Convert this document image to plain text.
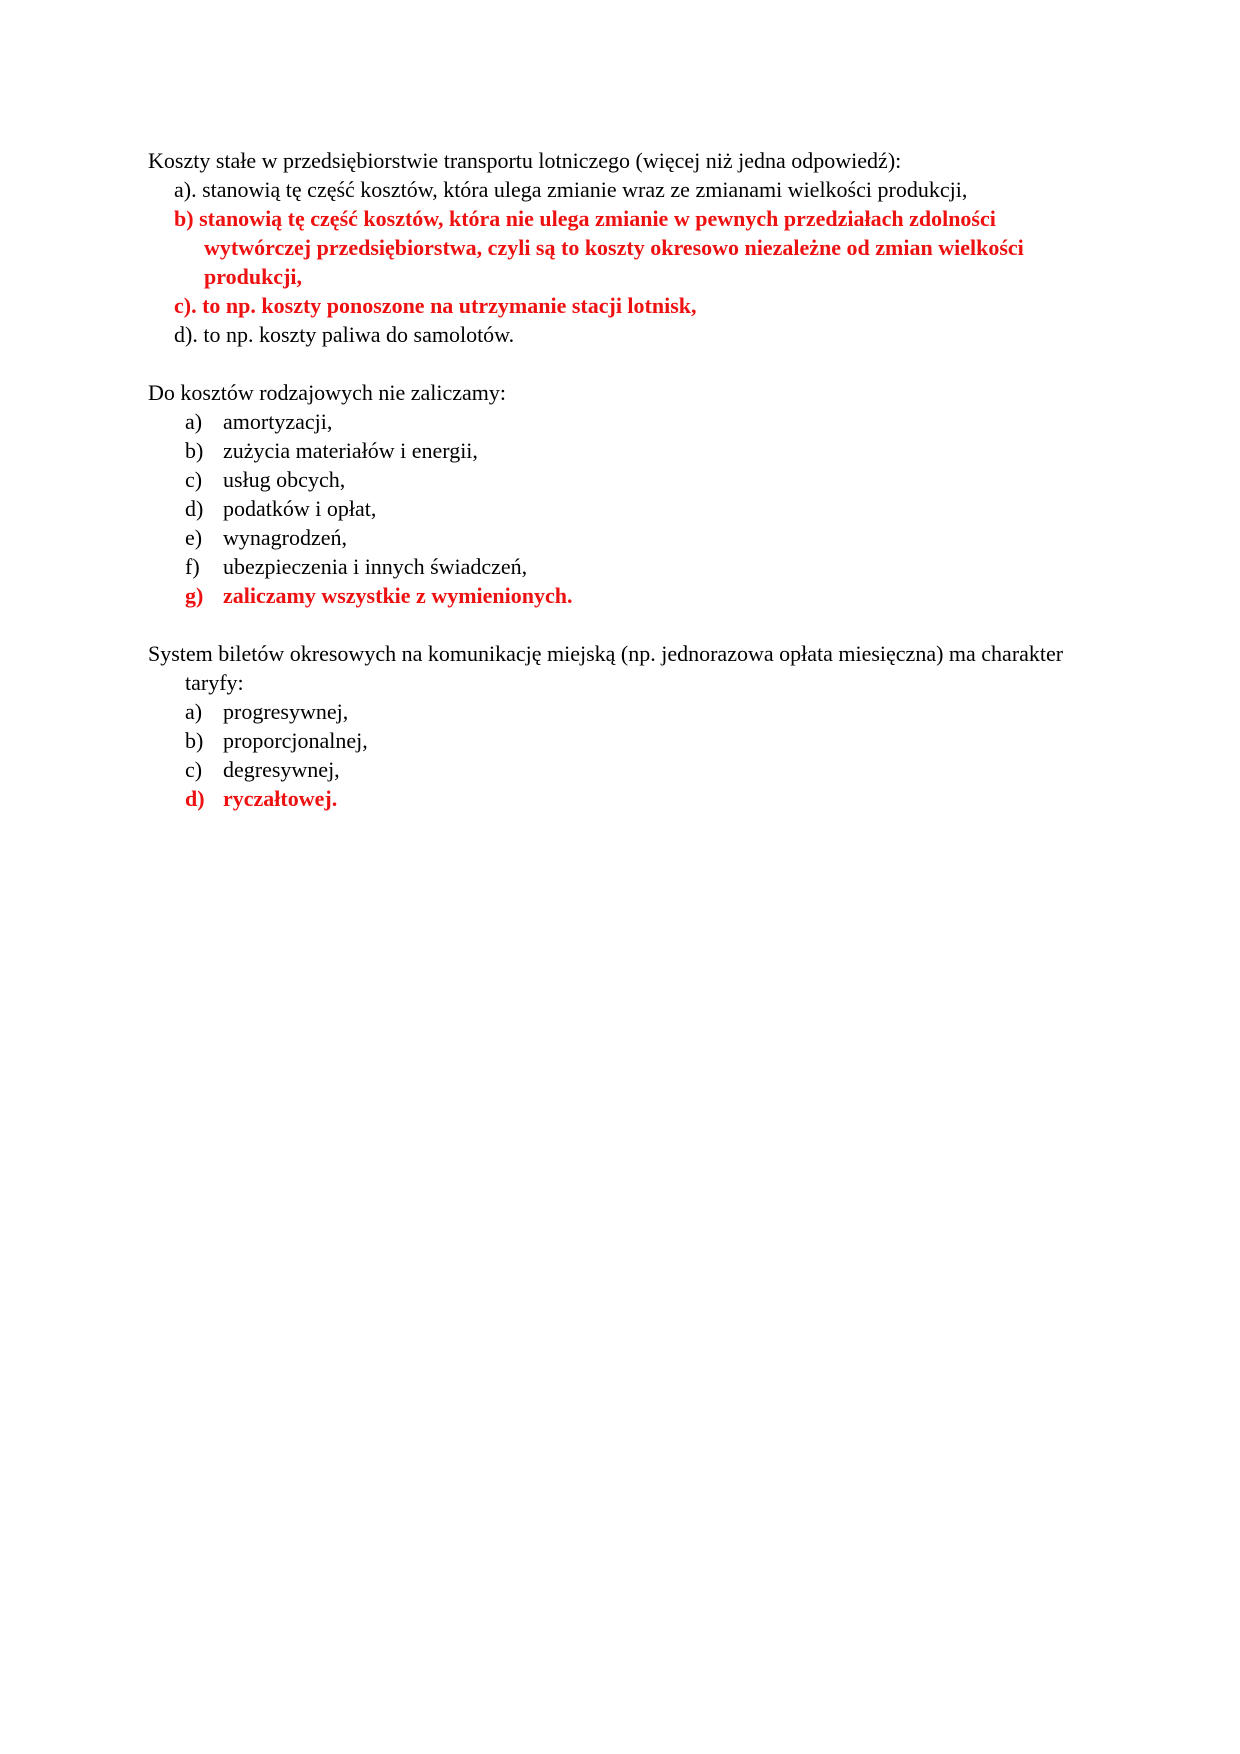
Koszty stałe w przedsiębiorstwie transportu lotniczego (więcej niż jedna odpowiedź):
a). stanowią tę część kosztów, która ulega zmianie wraz ze zmianami wielkości produkcji,
b) stanowią tę część kosztów, która nie ulega zmianie w pewnych przedziałach zdolności wytwórczej przedsiębiorstwa, czyli są to koszty okresowo niezależne od zmian wielkości produkcji,
c). to np. koszty ponoszone na utrzymanie stacji lotnisk,
d). to np. koszty paliwa do samolotów.
Do kosztów rodzajowych nie zaliczamy:
a) amortyzacji,
b) zużycia materiałów i energii,
c) usług obcych,
d) podatków i opłat,
e) wynagrodzeń,
f) ubezpieczenia i innych świadczeń,
g) zaliczamy wszystkie z wymienionych.
System biletów okresowych na komunikację miejską (np. jednorazowa opłata miesięczna) ma charakter taryfy:
a) progresywnej,
b) proporcjonalnej,
c) degresywnej,
d) ryczałtowej.
